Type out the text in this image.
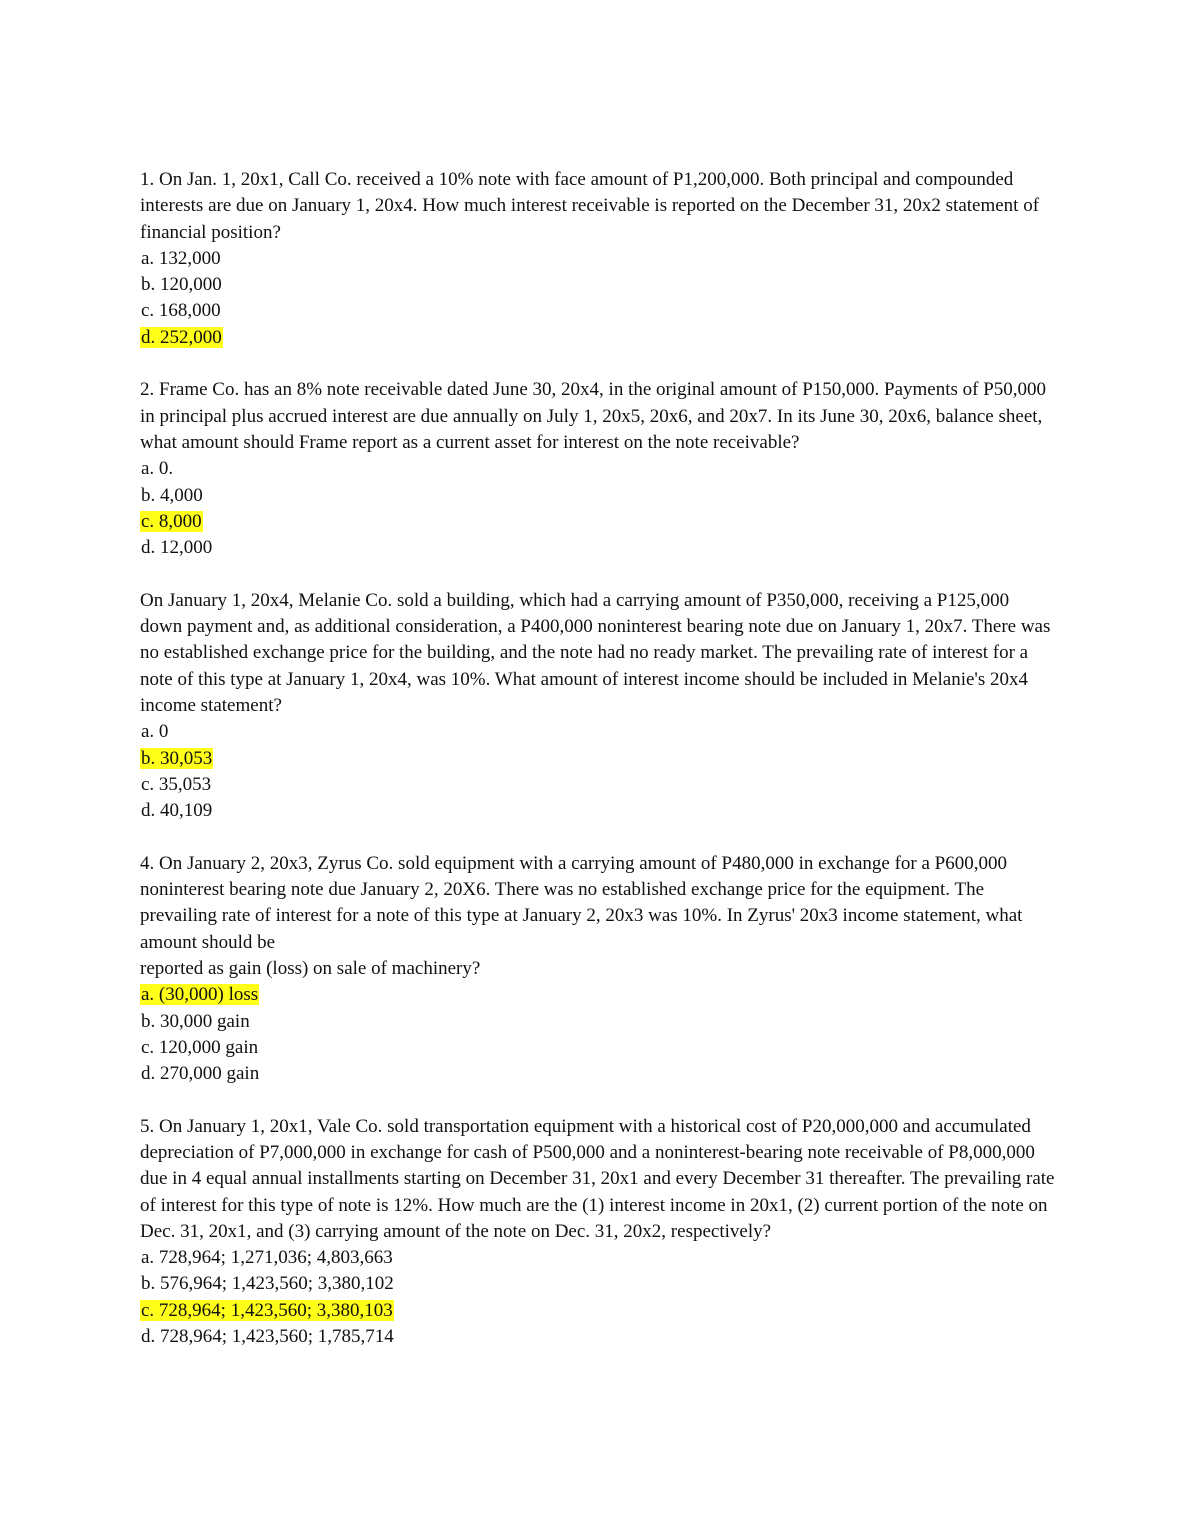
1. On Jan. 1, 20x1, Call Co. received a 10% note with face amount of P1,200,000. Both principal and compounded interests are due on January 1, 20x4. How much interest receivable is reported on the December 31, 20x2 statement of financial position?

a. 132,000
b. 120,000
c. 168,000
d. 252,000

2. Frame Co. has an 8% note receivable dated June 30, 20x4, in the original amount of P150,000. Payments of P50,000 in principal plus accrued interest are due annually on July 1, 20x5, 20x6, and 20x7. In its June 30, 20x6, balance sheet, what amount should Frame report as a current asset for interest on the note receivable?

a. 0.
b. 4,000
c. 8,000
d. 12,000

On January 1, 20x4, Melanie Co. sold a building, which had a carrying amount of P350,000, receiving a P125,000 down payment and, as additional consideration, a P400,000 noninterest bearing note due on January 1, 20x7. There was no established exchange price for the building, and the note had no ready market. The prevailing rate of interest for a note of this type at January 1, 20x4, was 10%. What amount of interest income should be included in Melanie's 20x4 income statement?

a. 0
b. 30,053
c. 35,053
d. 40,109

4. On January 2, 20x3, Zyrus Co. sold equipment with a carrying amount of P480,000 in exchange for a P600,000 noninterest bearing note due January 2, 20X6. There was no established exchange price for the equipment. The prevailing rate of interest for a note of this type at January 2, 20x3 was 10%. In Zyrus' 20x3 income statement, what amount should be
reported as gain (loss) on sale of machinery?

a. (30,000) loss
b. 30,000 gain
c. 120,000 gain
d. 270,000 gain

5. On January 1, 20x1, Vale Co. sold transportation equipment with a historical cost of P20,000,000 and accumulated depreciation of P7,000,000 in exchange for cash of P500,000 and a noninterest-bearing note receivable of P8,000,000 due in 4 equal annual installments starting on December 31, 20x1 and every December 31 thereafter. The prevailing rate of interest for this type of note is 12%. How much are the (1) interest income in 20x1, (2) current portion of the note on Dec. 31, 20x1, and (3) carrying amount of the note on Dec. 31, 20x2, respectively?

a. 728,964; 1,271,036; 4,803,663
b. 576,964; 1,423,560; 3,380,102
c. 728,964; 1,423,560; 3,380,103
d. 728,964; 1,423,560; 1,785,714
